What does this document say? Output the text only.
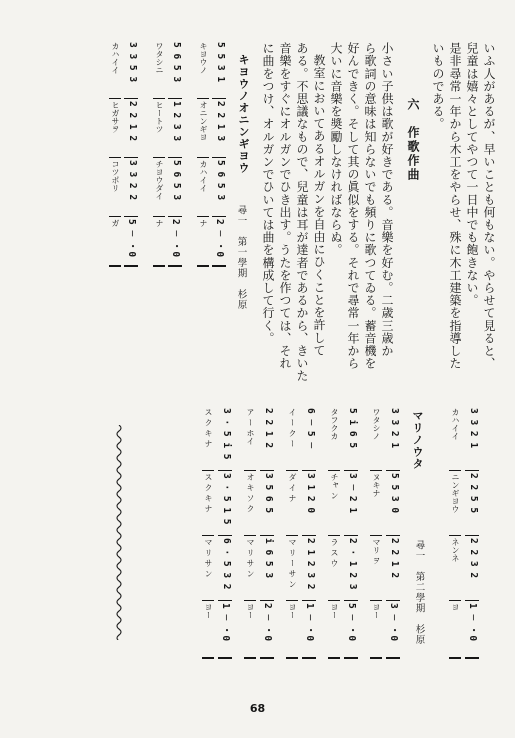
いふ人があるが、早いことも何もない。やらせて見ると、
兒童は嬉々としてやつて一日中でも飽きない。
是非尋常一年から木工をやらせ、殊に木工建築を指導した
いものである。
六　作歌作曲
小さい子供は歌が好きである。音樂を好む。二歳三歳か
ら歌詞の意味は知らないでも頻りに歌つてゐる。蓄音機を
好んできく。そして其の眞似をする。それで尋常一年から
大いに音樂を奬勵しなければならぬ。
教室においてあるオルガンを自由にひくことを許して
ある。不思議なもので、兒童は耳が達者であるから、きいた
音樂をすぐにオルガンでひき出す。うたを作つては、それ
に曲をつけ、オルガンでひいては曲を構成して行く。
キヨウノオニンギヨウ
尋一　第一學期　杉原
5 5 3 1
2 2 1 3
5 6 5 3
2 ─ ・0
キヨウノ
オニンギヨ
カハイイ
ナ
5 6 5 3
1 2 3 3
5 6 5 3
2 ─ ・0
ワタシニ
ヒートツ
チヨウダイ
ナ
3 3 5 3
2 2 1 2
3 3 2 2
5 ─ ・0
カハイイ
ヒガサヲ
コツポリ
ガ
マリノウタ
尋一　第二學期　杉原
3 3 2 1
2 2 5 5
2 2 3 2
1 ─ ・0
カハイイ
ニンギヨウ
ネンネ
ヨ
3 3 2 1
5 5 3 0
2 2 1 2
3 ─ ・0
ワタシノ
ヌキナ
マリ ヲ
ヨー
5 i 6 5
3 ─ 2 1
2 · 1 2 3
5 ─ ・0
タフクカ
チャ ン
ラ ス ウ
ヨー
6 ─ 5 ─
3 1 2 0
2 1 2 3 2
1 ─ ・0
イ ー ク ー
ダ イ ナ
マ リ ー サ ン
ヨー
2 2 1 2
3 5 6 5
i 6 5 3
2 ─ ・0
ア ー ホイ
オ キ ソ ク
マ リ サ ン
ヨー
3 · 5 i 5
3 · 5 1 5
6 · 5 3 2
1 ─ ・0
ス ク キ ナ
ス ク キ ナ
マ リ サ ン
ヨー
68
